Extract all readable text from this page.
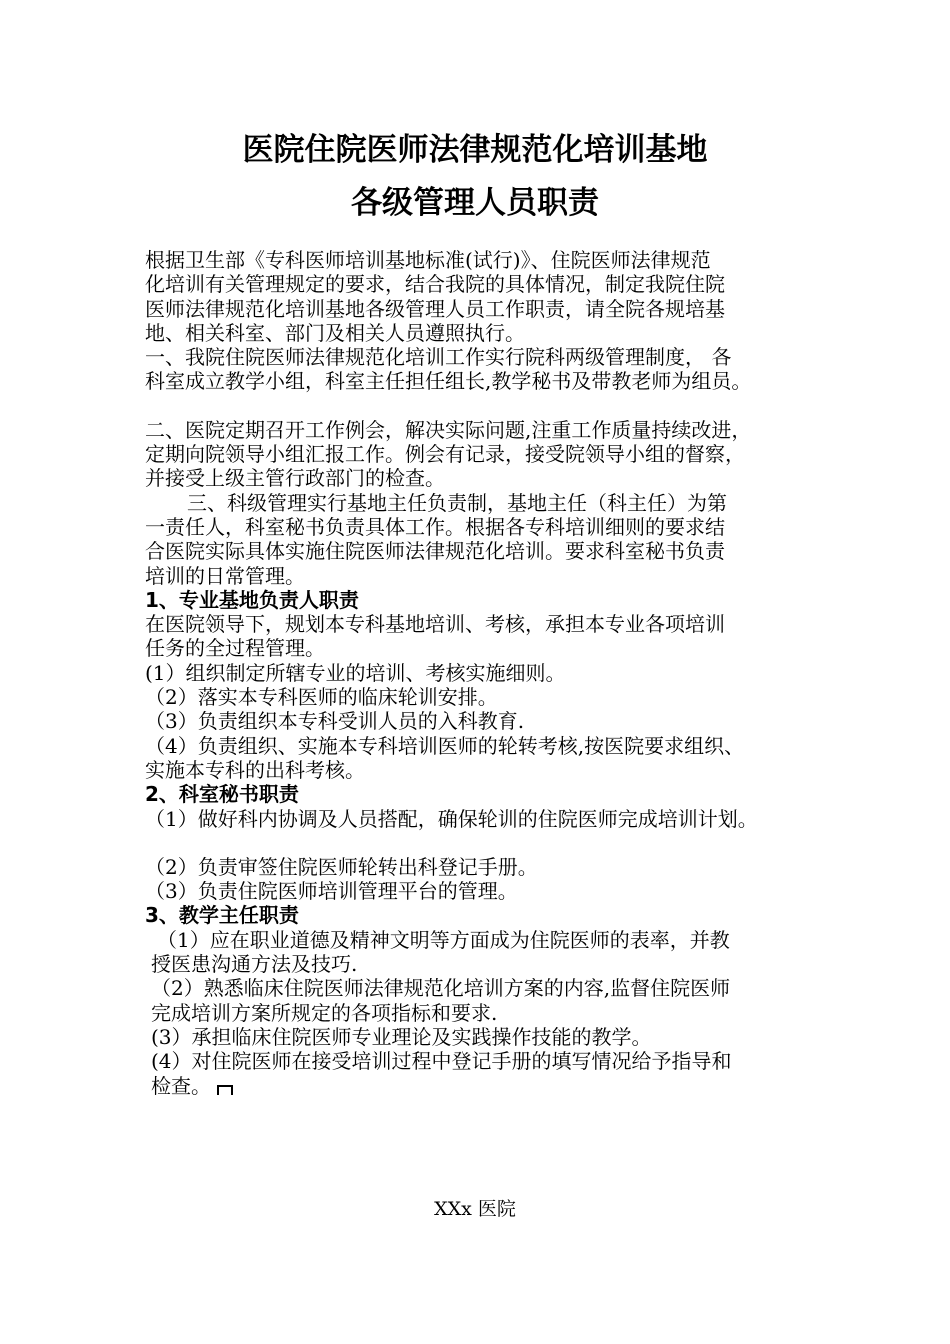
医院住院医师法律规范化培训基地
各级管理人员职责

根据卫生部《专科医师培训基地标准(试行)》、住院医师法律规范

化培训有关管理规定的要求，结合我院的具体情况，制定我院住院

医师法律规范化培训基地各级管理人员工作职责，请全院各规培基

地、相关科室、部门及相关人员遵照执行。

一、我院住院医师法律规范化培训工作实行院科两级管理制度， 各

科室成立教学小组，科室主任担任组长,教学秘书及带教老师为组员。

二、医院定期召开工作例会，解决实际问题,注重工作质量持续改进，

定期向院领导小组汇报工作。例会有记录，接受院领导小组的督察，

并接受上级主管行政部门的检查。

三、科级管理实行基地主任负责制，基地主任（科主任）为第

一责任人，科室秘书负责具体工作。根据各专科培训细则的要求结

合医院实际具体实施住院医师法律规范化培训。要求科室秘书负责

培训的日常管理。

1、专业基地负责人职责

在医院领导下，规划本专科基地培训、考核，承担本专业各项培训

任务的全过程管理。

(1）组织制定所辖专业的培训、考核实施细则。

（2）落实本专科医师的临床轮训安排。

（3）负责组织本专科受训人员的入科教育.

（4）负责组织、实施本专科培训医师的轮转考核,按医院要求组织、

实施本专科的出科考核。

2、科室秘书职责

（1）做好科内协调及人员搭配，确保轮训的住院医师完成培训计划。

（2）负责审签住院医师轮转出科登记手册。

（3）负责住院医师培训管理平台的管理。

3、教学主任职责

（1）应在职业道德及精神文明等方面成为住院医师的表率，并教

授医患沟通方法及技巧.

（2）熟悉临床住院医师法律规范化培训方案的内容,监督住院医师

完成培训方案所规定的各项指标和要求.

(3）承担临床住院医师专业理论及实践操作技能的教学。

(4）对住院医师在接受培训过程中登记手册的填写情况给予指导和

检查。

XXx 医院
